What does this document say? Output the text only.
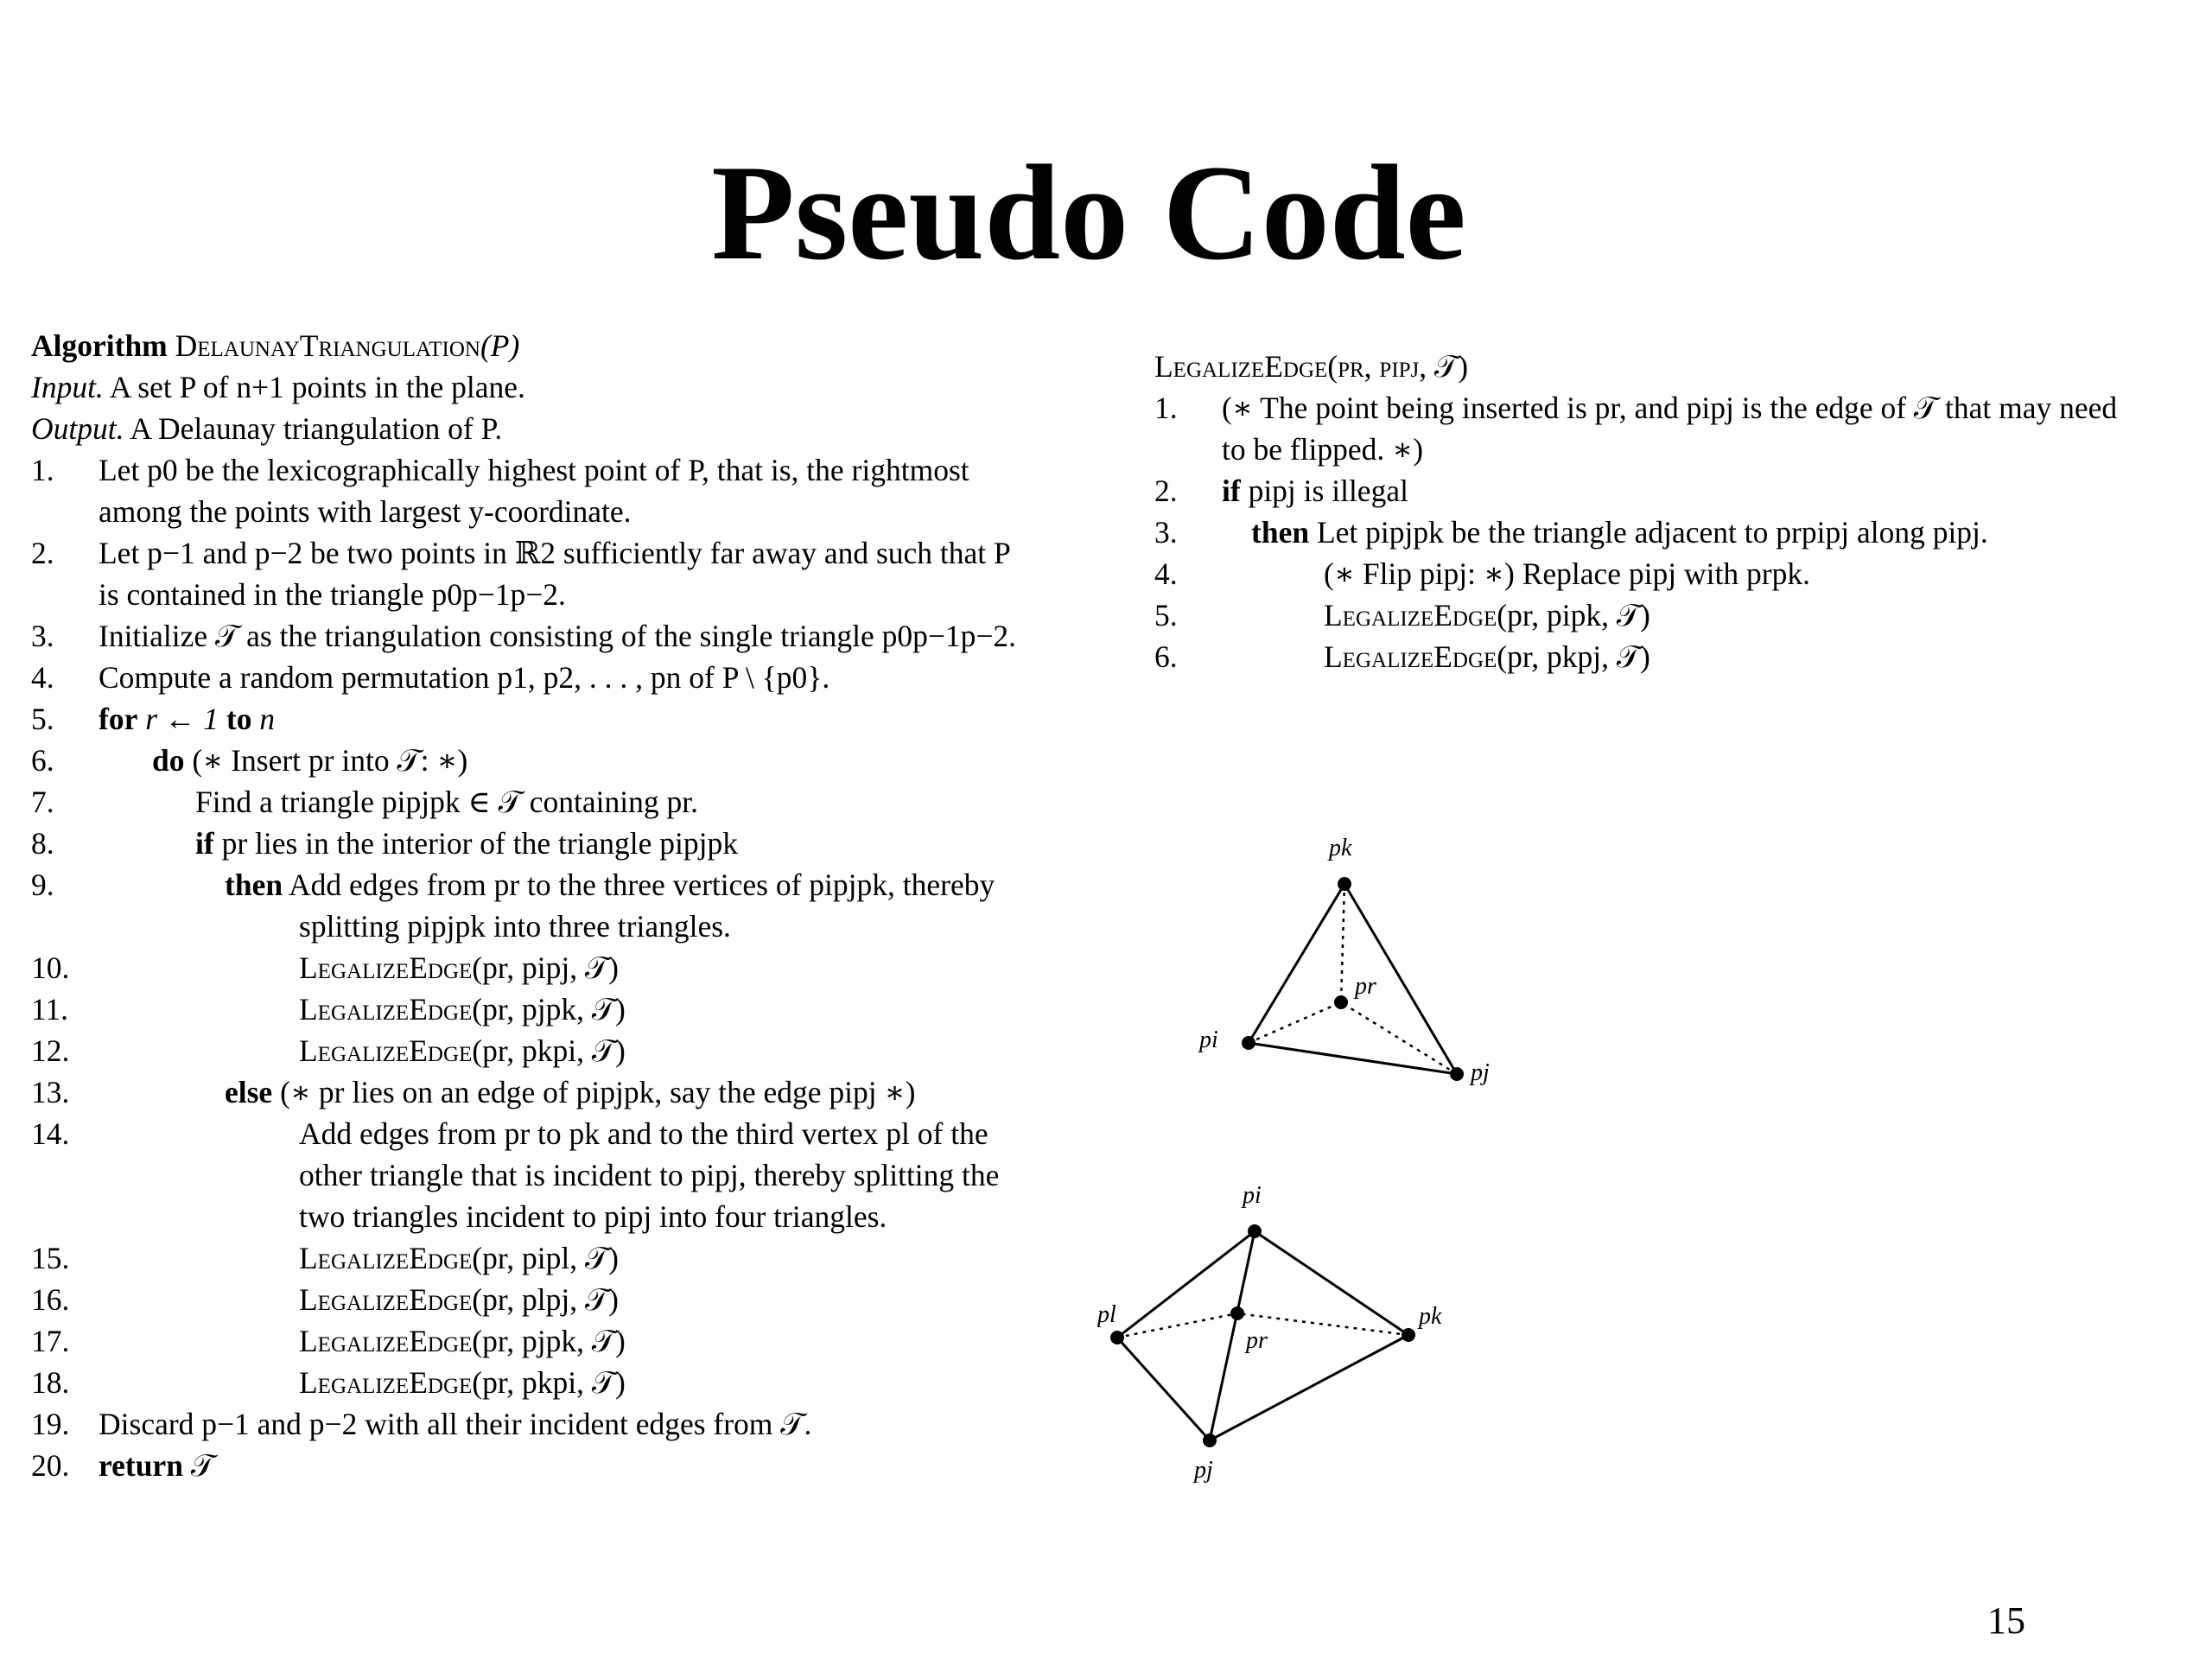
Pseudo Code
Algorithm DelaunayTriangulation(P)
Input. A set P of n+1 points in the plane.
Output. A Delaunay triangulation of P.
1. Let p0 be the lexicographically highest point of P, that is, the rightmost
among the points with largest y-coordinate.
2. Let p−1 and p−2 be two points in ℝ2 sufficiently far away and such that P
is contained in the triangle p0p−1p−2.
3. Initialize 𝒯 as the triangulation consisting of the single triangle p0p−1p−2.
4. Compute a random permutation p1, p2, . . . , pn of P \ {p0}.
5. for r ← 1 to n
6.	do (∗ Insert pr into 𝒯: ∗)
7.	Find a triangle pipjpk ∈ 𝒯 containing pr.
8.	if pr lies in the interior of the triangle pipjpk
9.	then Add edges from pr to the three vertices of pipjpk, thereby
splitting pipjpk into three triangles.
10.	LegalizeEdge(pr, pipj, 𝒯)
11.	LegalizeEdge(pr, pjpk, 𝒯)
12.	LegalizeEdge(pr, pkpi, 𝒯)
13.	else (∗ pr lies on an edge of pipjpk, say the edge pipj ∗)
14.	Add edges from pr to pk and to the third vertex pl of the
other triangle that is incident to pipj, thereby splitting the
two triangles incident to pipj into four triangles.
15.	LegalizeEdge(pr, pipl, 𝒯)
16.	LegalizeEdge(pr, plpj, 𝒯)
17.	LegalizeEdge(pr, pjpk, 𝒯)
18.	LegalizeEdge(pr, pkpi, 𝒯)
19. Discard p−1 and p−2 with all their incident edges from 𝒯.
20. return 𝒯
LegalizeEdge(pr, pipj, 𝒯)
1. (∗ The point being inserted is pr, and pipj is the edge of 𝒯 that may need
to be flipped. ∗)
2. if pipj is illegal
3. then Let pipjpk be the triangle adjacent to prpipj along pipj.
4.	(∗ Flip pipj: ∗) Replace pipj with prpk.
5.	LegalizeEdge(pr, pipk, 𝒯)
6.	LegalizeEdge(pr, pkpj, 𝒯)
pk
pr
pi
pj
pi
pl	pk
pr
pj
15
